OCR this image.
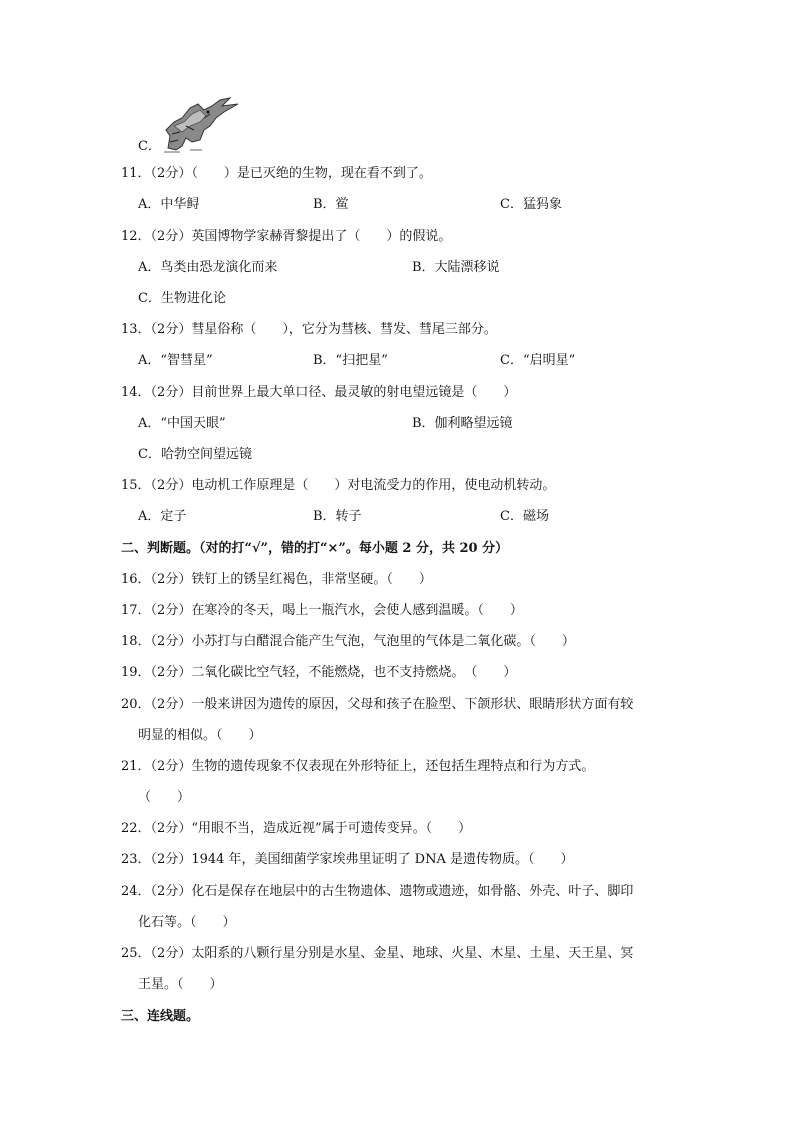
C．
11．（2分）（　　）是已灭绝的生物，现在看不到了。
A．中华鲟	B．鲎	C．猛犸象
12．（2分）英国博物学家赫胥黎提出了（　　）的假说。
A．鸟类由恐龙演化而来	B．大陆漂移说
C．生物进化论
13．（2分）彗星俗称（　　），它分为彗核、彗发、彗尾三部分。
A．“智彗星”	B．“扫把星”	C．“启明星”
14．（2分）目前世界上最大单口径、最灵敏的射电望远镜是（　　）
A．“中国天眼”	B．伽利略望远镜
C．哈勃空间望远镜
15．（2分）电动机工作原理是（　　）对电流受力的作用，使电动机转动。
A．定子	B．转子	C．磁场
二、判断题。（对的打“√”，错的打“×”。每小题 2 分，共 20 分）
16．（2分）铁钉上的锈呈红褐色，非常坚硬。（　　）
17．（2分）在寒冷的冬天，喝上一瓶汽水，会使人感到温暖。（　　）
18．（2分）小苏打与白醋混合能产生气泡，气泡里的气体是二氧化碳。（　　）
19．（2分）二氧化碳比空气轻，不能燃烧，也不支持燃烧。　（　　）
20．（2分）一般来讲因为遗传的原因，父母和孩子在脸型、下颌形状、眼睛形状方面有较
明显的相似。（　　）
21．（2分）生物的遗传现象不仅表现在外形特征上，还包括生理特点和行为方式。
（　　）
22．（2分）“用眼不当，造成近视”属于可遗传变异。（　　）
23．（2分）1944 年，美国细菌学家埃弗里证明了 DNA 是遗传物质。（　　）
24．（2分）化石是保存在地层中的古生物遗体、遗物或遗迹，如骨骼、外壳、叶子、脚印
化石等。（　　）
25．（2分）太阳系的八颗行星分别是水星、金星、地球、火星、木星、土星、天王星、冥
王星。（　　）
三、连线题。
